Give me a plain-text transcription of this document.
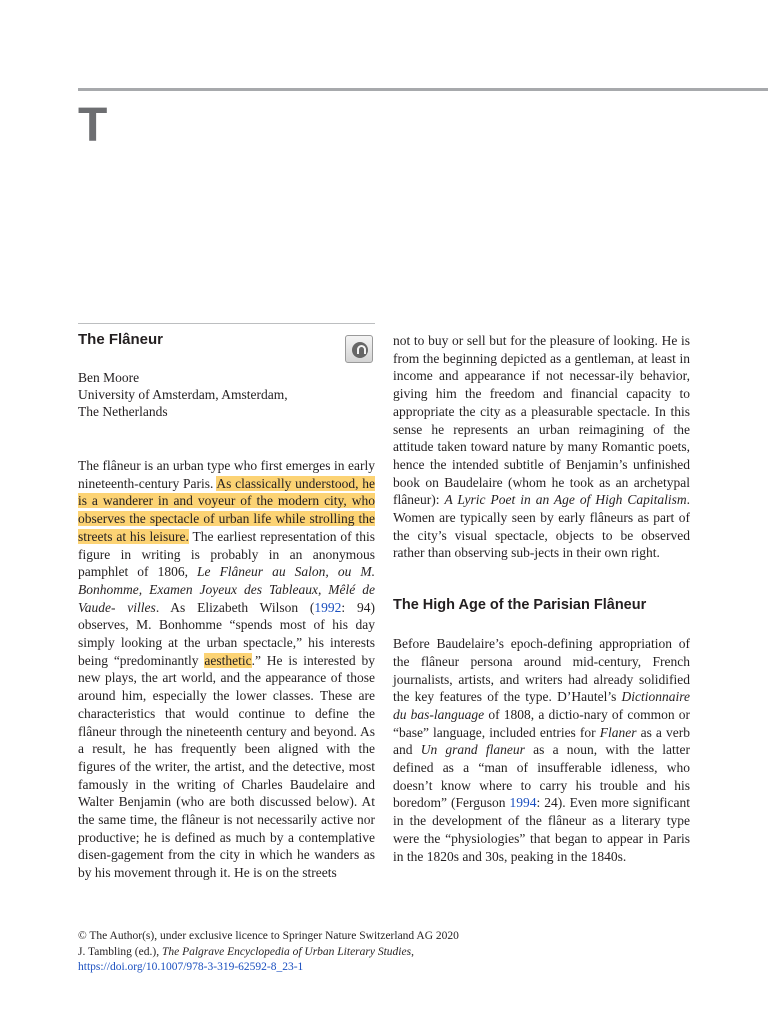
T
The Flâneur
Ben Moore
University of Amsterdam, Amsterdam,
The Netherlands

The flâneur is an urban type who first emerges in early nineteenth-century Paris. As classically understood, he is a wanderer in and voyeur of the modern city, who observes the spectacle of urban life while strolling the streets at his leisure. The earliest representation of this figure in writing is probably in an anonymous pamphlet of 1806, Le Flâneur au Salon, ou M. Bonhomme, Examen Joyeux des Tableaux, Mêlé de Vaude- villes. As Elizabeth Wilson (1992: 94) observes, M. Bonhomme “spends most of his day simply looking at the urban spectacle,” his interests being “predominantly aesthetic.” He is interested by new plays, the art world, and the appearance of those around him, especially the lower classes. These are characteristics that would continue to define the flâneur through the nineteenth century and beyond. As a result, he has frequently been aligned with the figures of the writer, the artist, and the detective, most famously in the writing of Charles Baudelaire and Walter Benjamin (who are both discussed below). At the same time, the flâneur is not necessarily active nor productive; he is defined as much by a contemplative disen-gagement from the city in which he wanders as by his movement through it. He is on the streets

not to buy or sell but for the pleasure of looking. He is from the beginning depicted as a gentleman, at least in income and appearance if not necessar-ily behavior, giving him the freedom and financial capacity to appropriate the city as a pleasurable spectacle. In this sense he represents an urban reimagining of the attitude taken toward nature by many Romantic poets, hence the intended subtitle of Benjamin’s unfinished book on Baudelaire (whom he took as an archetypal flâneur): A Lyric Poet in an Age of High Capitalism. Women are typically seen by early flâneurs as part of the city’s visual spectacle, objects to be observed rather than observing sub-jects in their own right.

The High Age of the Parisian Flâneur

Before Baudelaire’s epoch-defining appropriation of the flâneur persona around mid-century, French journalists, artists, and writers had already solidified the key features of the type. D’Hautel’s Dictionnaire du bas-language of 1808, a dictio-nary of common or “base” language, included entries for Flaner as a verb and Un grand flaneur as a noun, with the latter defined as a “man of insufferable idleness, who doesn’t know where to carry his trouble and his boredom” (Ferguson 1994: 24). Even more significant in the development of the flâneur as a literary type were the “physiologies” that began to appear in Paris in the 1820s and 30s, peaking in the 1840s.

© The Author(s), under exclusive licence to Springer Nature Switzerland AG 2020
J. Tambling (ed.), The Palgrave Encyclopedia of Urban Literary Studies,
https://doi.org/10.1007/978-3-319-62592-8_23-1
